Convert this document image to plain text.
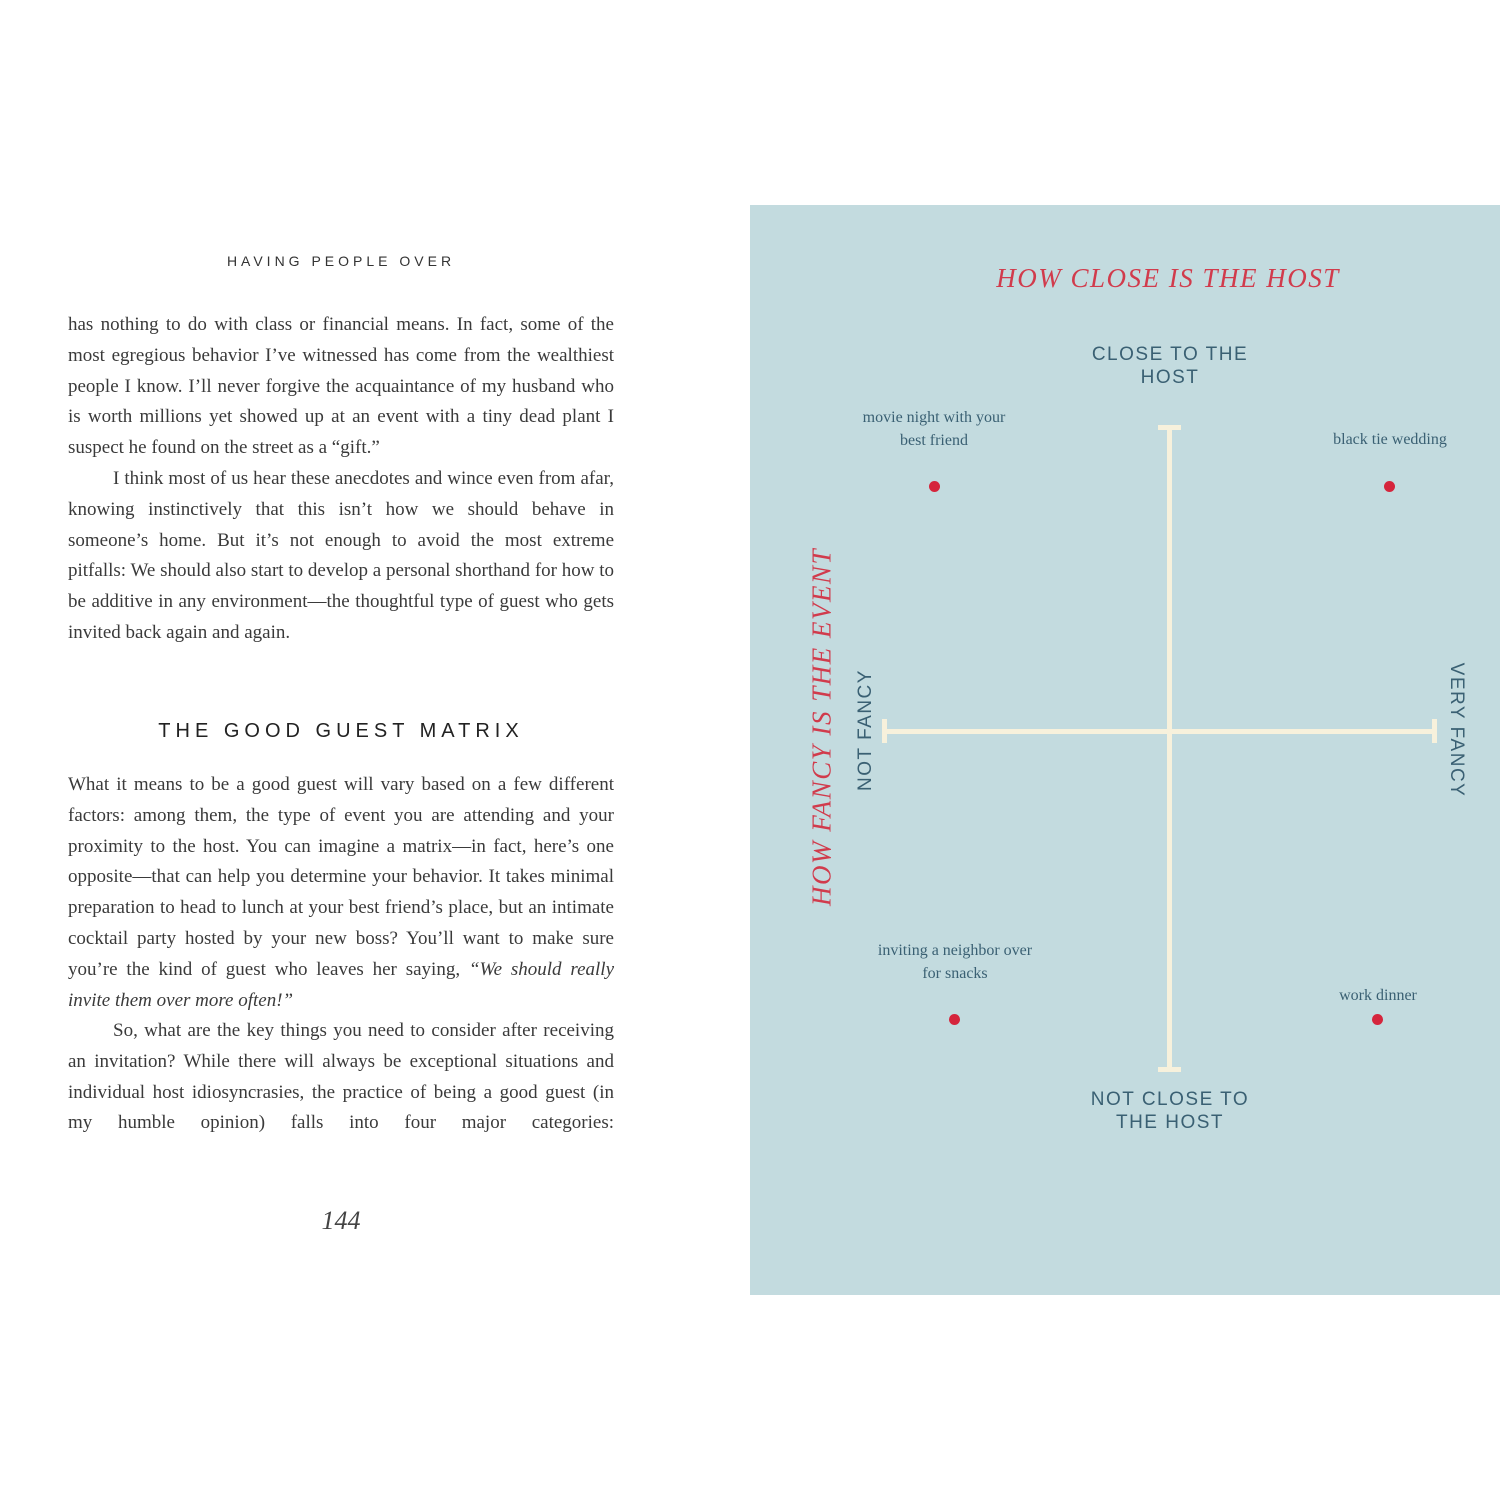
HAVING PEOPLE OVER

has nothing to do with class or financial means. In fact, some of the most egregious behavior I’ve witnessed has come from the wealthiest people I know. I’ll never forgive the acquaintance of my husband who is worth millions yet showed up at an event with a tiny dead plant I suspect he found on the street as a “gift.”

I think most of us hear these anecdotes and wince even from afar, knowing instinctively that this isn’t how we should behave in someone’s home. But it’s not enough to avoid the most extreme pitfalls: We should also start to develop a personal shorthand for how to be additive in any environment—the thoughtful type of guest who gets invited back again and again.

THE GOOD GUEST MATRIX

What it means to be a good guest will vary based on a few different factors: among them, the type of event you are attending and your proximity to the host. You can imagine a matrix—in fact, here’s one opposite—that can help you determine your behavior. It takes minimal preparation to head to lunch at your best friend’s place, but an intimate cocktail party hosted by your new boss? You’ll want to make sure you’re the kind of guest who leaves her saying, “We should really invite them over more often!”

So, what are the key things you need to consider after receiving an invitation? While there will always be exceptional situations and individual host idiosyncrasies, the practice of being a good guest (in my humble opinion) falls into four major categories:

144
HOW CLOSE IS THE HOST
CLOSE TO THE HOST
NOT CLOSE TO THE HOST
NOT FANCY	VERY FANCY
HOW FANCY IS THE EVENT
movie night with your best friend	black tie wedding
inviting a neighbor over for snacks
work dinner
